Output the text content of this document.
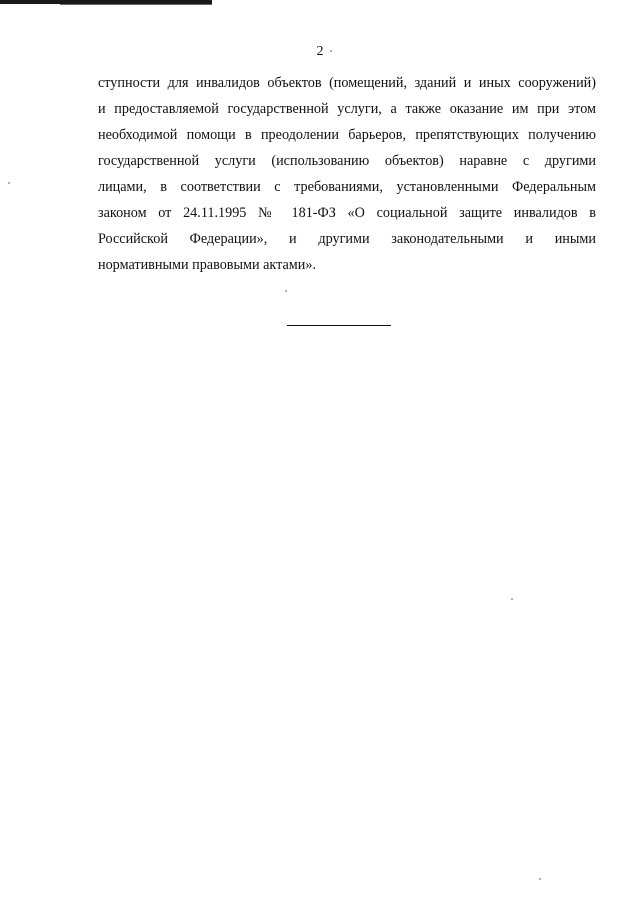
2
ступности для инвалидов объектов (помещений, зданий и иных сооружений)
и предоставляемой государственной услуги, а также оказание им при этом
необходимой помощи в преодолении барьеров, препятствующих получению
государственной услуги (использованию объектов) наравне с другими
лицами, в соответствии с требованиями, установленными Федеральным
законом от 24.11.1995 № 181-ФЗ «О социальной защите инвалидов в
Российской Федерации», и другими законодательными и иными
нормативными правовыми актами».
